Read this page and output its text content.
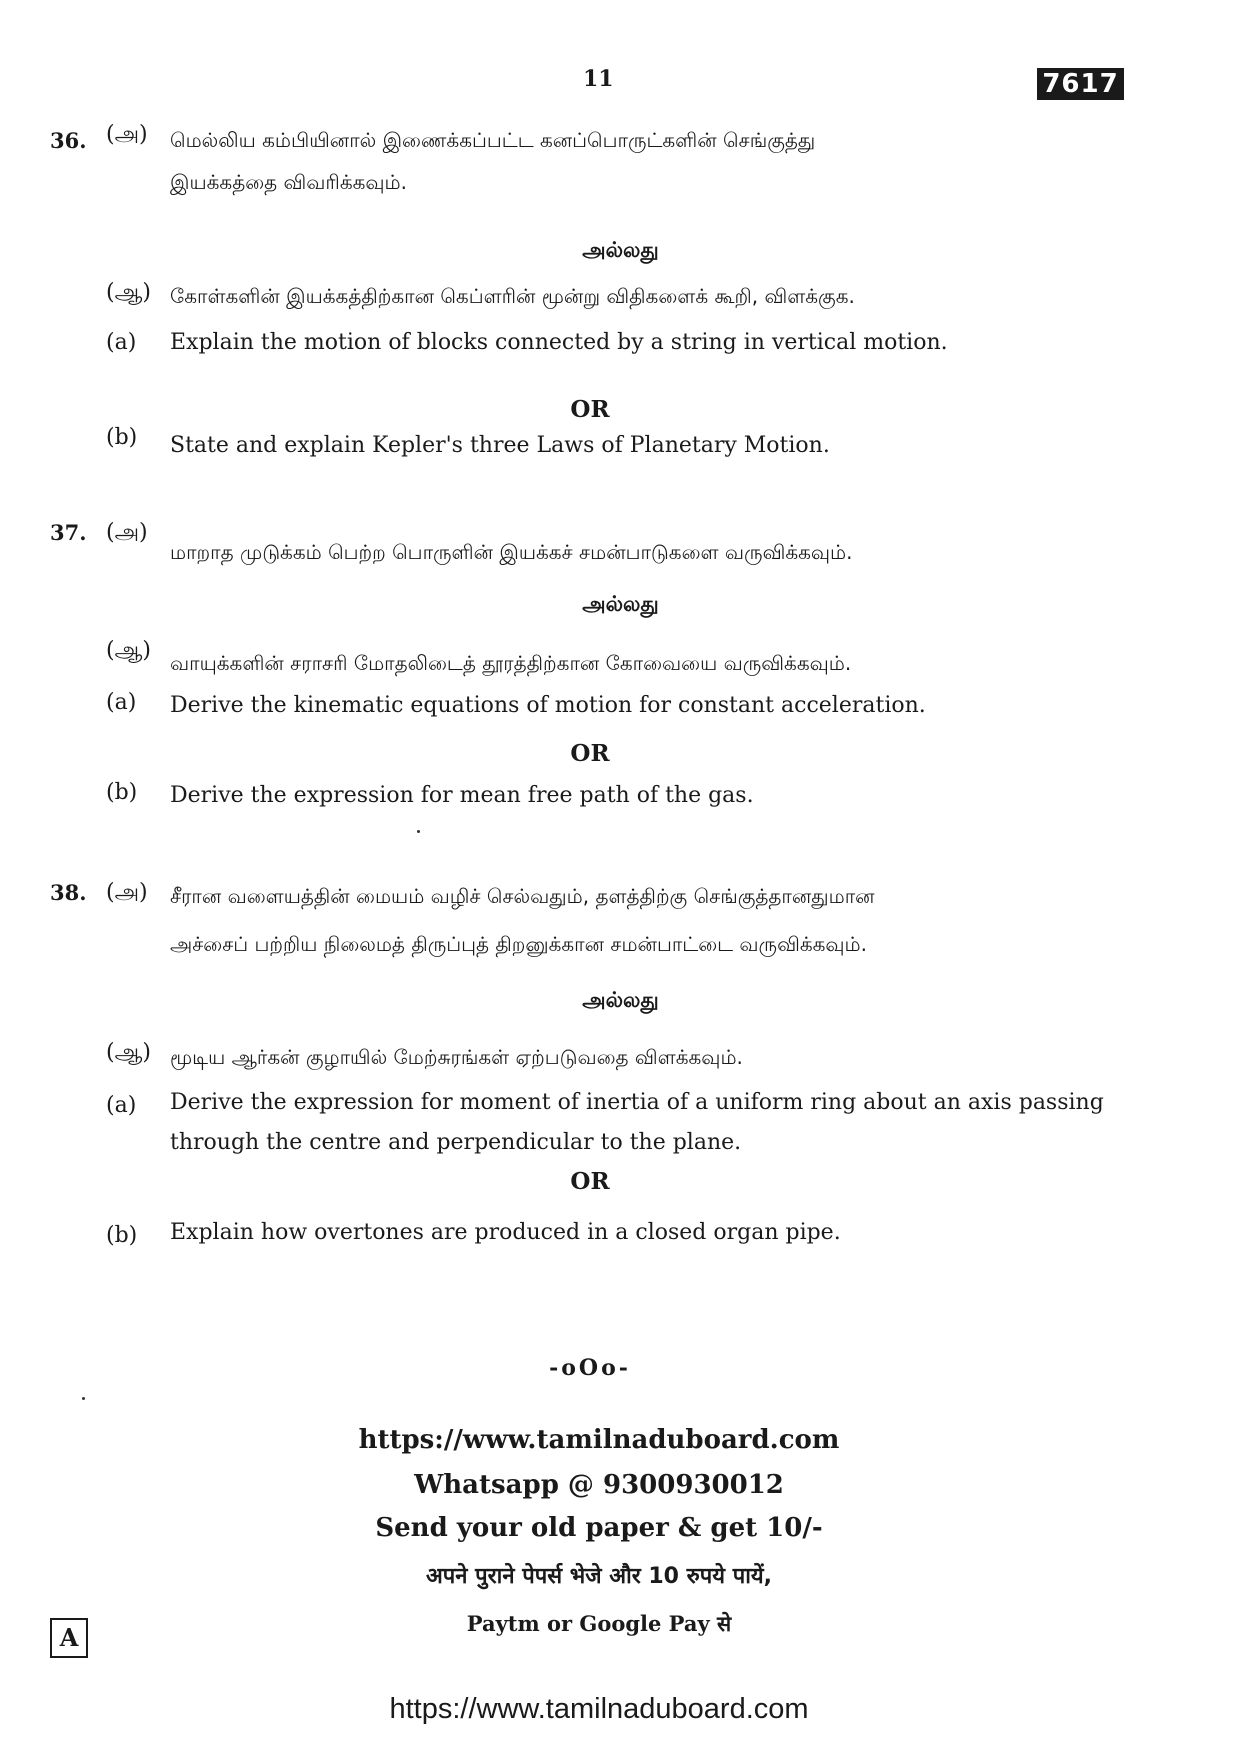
11	7617
36. (அ) மெல்லிய கம்பியினால் இணைக்கப்பட்ட கனப்பொருட்களின் செங்குத்து
இயக்கத்தை விவரிக்கவும்.
அல்லது
(ஆ) கோள்களின் இயக்கத்திற்கான கெப்ளரின் மூன்று விதிகளைக் கூறி, விளக்குக.
(a) Explain the motion of blocks connected by a string in vertical motion.
OR
(b) State and explain Kepler's three Laws of Planetary Motion.
37. (அ)
மாறாத முடுக்கம் பெற்ற பொருளின் இயக்கச் சமன்பாடுகளை வருவிக்கவும்.
அல்லது
(ஆ) வாயுக்களின் சராசரி மோதலிடைத் தூரத்திற்கான கோவையை வருவிக்கவும்.
(a) Derive the kinematic equations of motion for constant acceleration.
OR
(b) Derive the expression for mean free path of the gas.
38. (அ) சீரான வளையத்தின் மையம் வழிச் செல்வதும், தளத்திற்கு செங்குத்தானதுமான
அச்சைப் பற்றிய நிலைமத் திருப்புத் திறனுக்கான சமன்பாட்டை வருவிக்கவும்.
அல்லது
(ஆ) மூடிய ஆர்கன் குழாயில் மேற்சுரங்கள் ஏற்படுவதை விளக்கவும்.
(a) Derive the expression for moment of inertia of a uniform ring about an axis passing
through the centre and perpendicular to the plane.
OR
(b) Explain how overtones are produced in a closed organ pipe.
-oOo-
https://www.tamilnaduboard.com
Whatsapp @ 9300930012
Send your old paper & get 10/-
अपने पुराने पेपर्स भेजे और 10 रुपये पायें,
Paytm or Google Pay से
A
https://www.tamilnaduboard.com
